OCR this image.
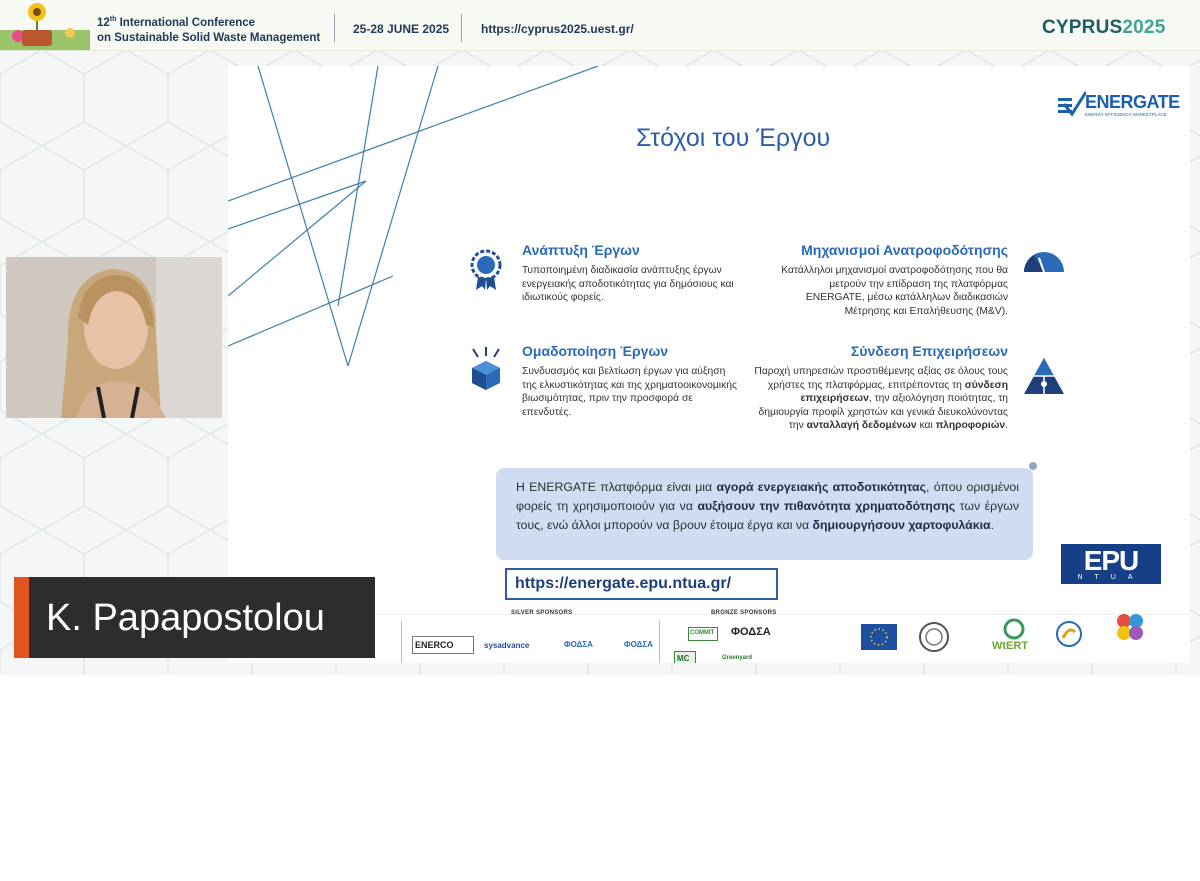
12th International Conference
on Sustainable Solid Waste Management
25-28 JUNE 2025	https://cyprus2025.uest.gr/	CYPRUS2025
Στόχοι του Έργου
ENERGATE
ENERGY EFFICIENCY MARKETPLACE
Ανάπτυξη Έργων
Τυποποιημένη διαδικασία ανάπτυξης έργων ενεργειακής αποδοτικότητας για δημόσιους και ιδιωτικούς φορείς.
Μηχανισμοί Ανατροφοδότησης
Κατάλληλοι μηχανισμοί ανατροφοδότησης που θα μετρούν την επίδραση της πλατφόρμας ENERGATE, μέσω κατάλληλων διαδικασιών Μέτρησης και Επαλήθευσης (M&V).
Ομαδοποίηση Έργων
Συνδυασμός και βελτίωση έργων για αύξηση της ελκυστικότητας και της χρηματοοικονομικής βιωσιμότητας, πριν την προσφορά σε επενδυτές.
Σύνδεση Επιχειρήσεων
Παροχή υπηρεσιών προστιθέμενης αξίας σε όλους τους χρήστες της πλατφόρμας, επιτρέποντας τη σύνδεση επιχειρήσεων, την αξιολόγηση ποιότητας, τη δημιουργία προφίλ χρηστών και γενικά διευκολύνοντας την ανταλλαγή δεδομένων και πληροφοριών.
Η ENERGATE πλατφόρμα είναι μια αγορά ενεργειακής αποδοτικότητας, όπου ορισμένοι φορείς τη χρησιμοποιούν για να αυξήσουν την πιθανότητα χρηματοδότησης των έργων τους, ενώ άλλοι μπορούν να βρουν έτοιμα έργα και να δημιουργήσουν χαρτοφυλάκια.
https://energate.epu.ntua.gr/
EPU
NTUA
SILVER SPONSORS	BRONZE SPONSORS
ENERCO	sysadvance	ΦΟΔΣΑ	ΦΟΔΣΑ
COMMIT ΦΟΔΣΑ
MC	Greenyard
WtERT
K. Papapostolou
